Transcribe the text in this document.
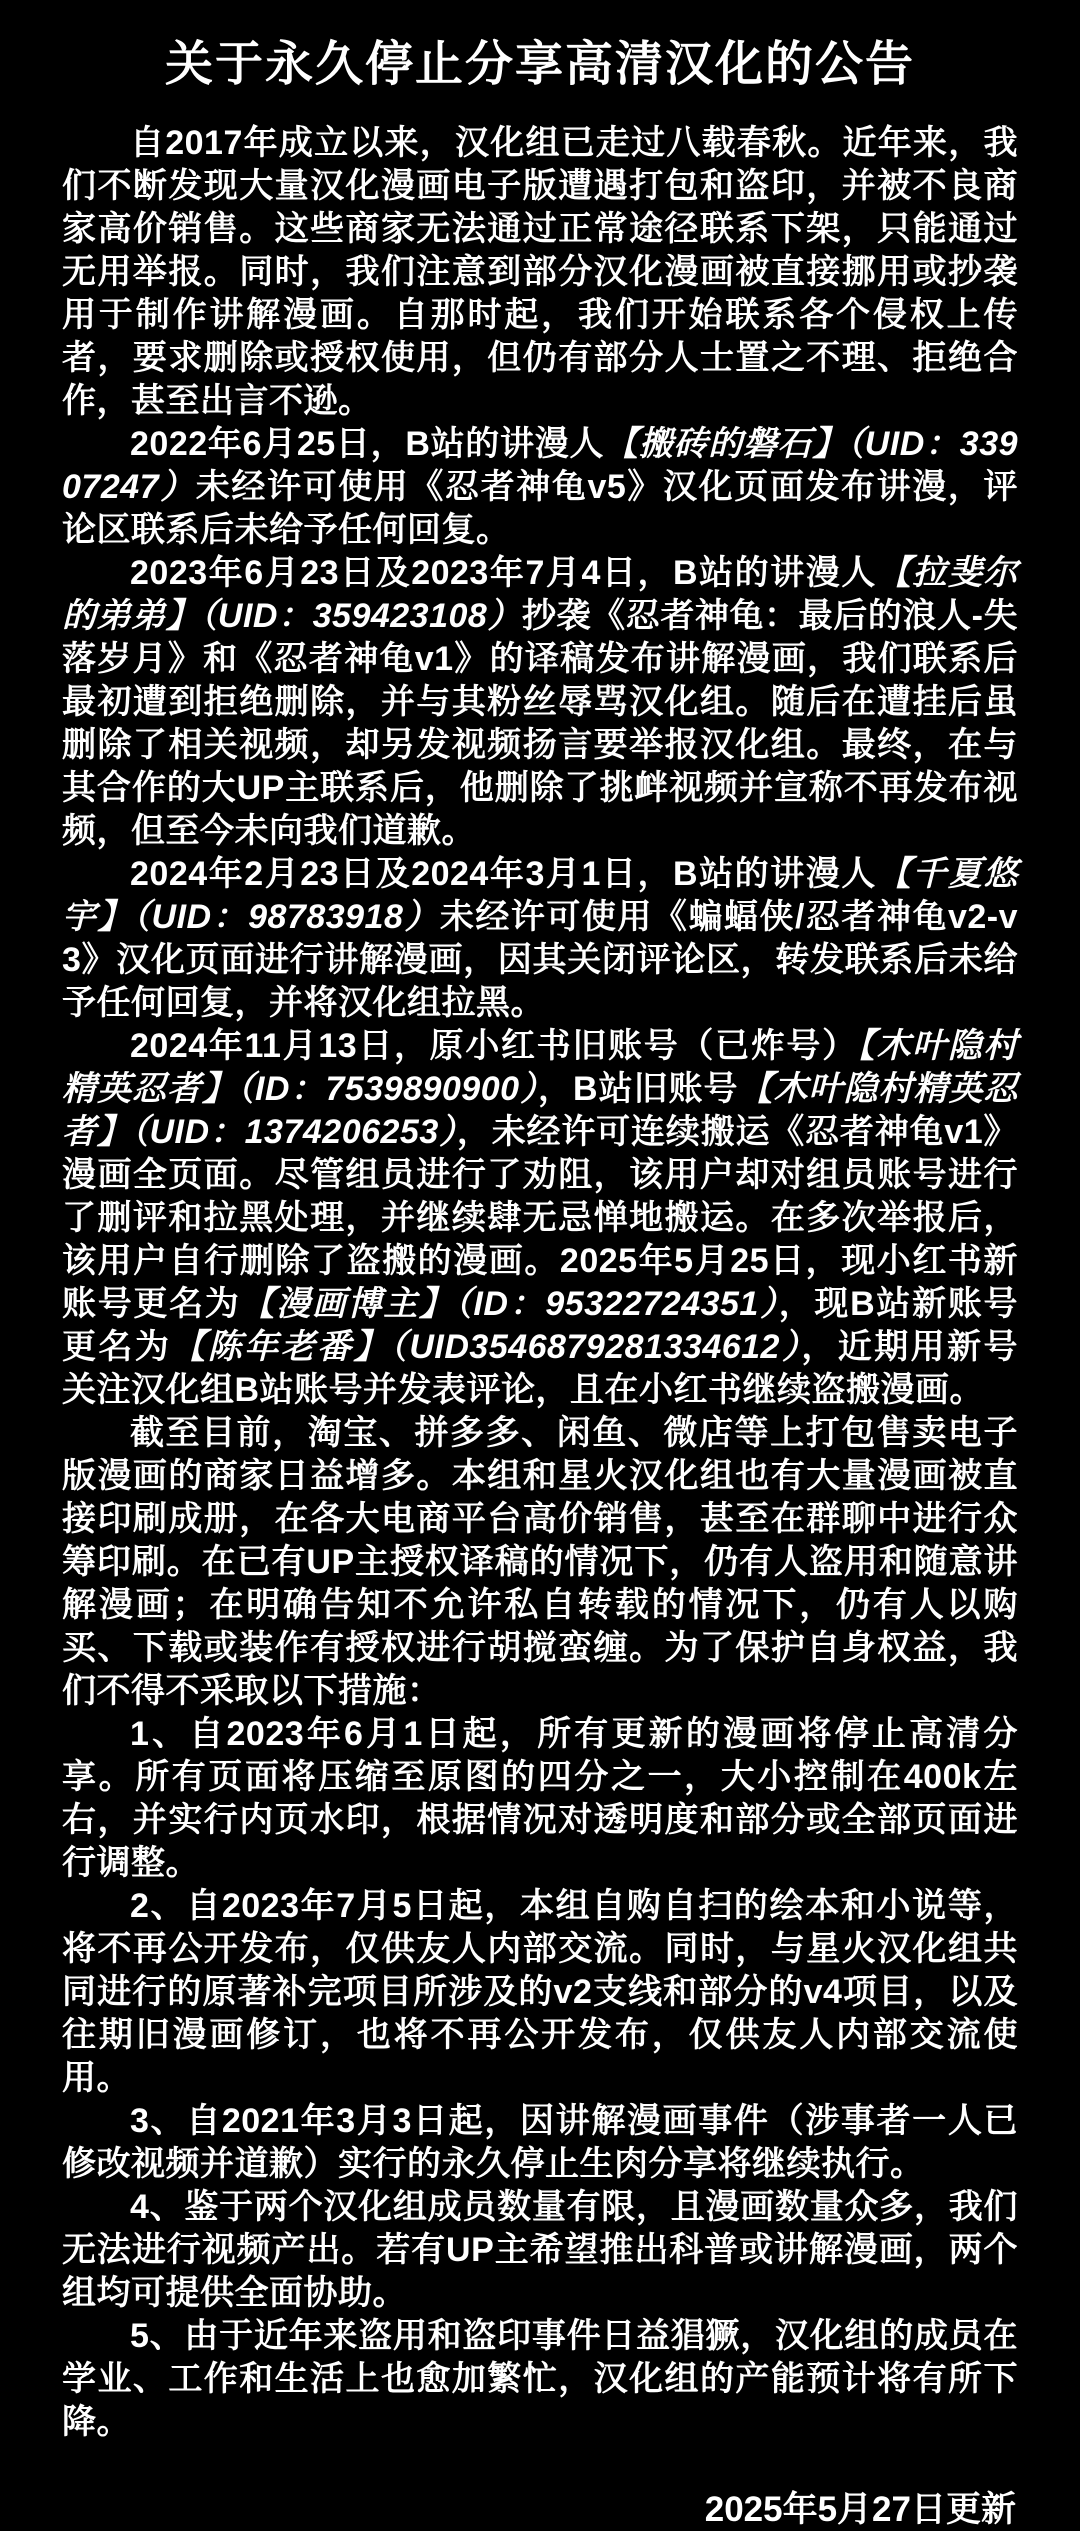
关于永久停止分享高清汉化的公告

自2017年成立以来，汉化组已走过八载春秋。近年来，我们不断发现大量汉化漫画电子版遭遇打包和盗印，并被不良商家高价销售。这些商家无法通过正常途径联系下架，只能通过无用举报。同时，我们注意到部分汉化漫画被直接挪用或抄袭用于制作讲解漫画。自那时起，我们开始联系各个侵权上传者，要求删除或授权使用，但仍有部分人士置之不理、拒绝合作，甚至出言不逊。

2022年6月25日，B站的讲漫人【搬砖的磐石】（UID：33907247）未经许可使用《忍者神龟v5》汉化页面发布讲漫，评论区联系后未给予任何回复。

2023年6月23日及2023年7月4日，B站的讲漫人【拉斐尔的弟弟】（UID：359423108）抄袭《忍者神龟：最后的浪人-失落岁月》和《忍者神龟v1》的译稿发布讲解漫画，我们联系后最初遭到拒绝删除，并与其粉丝辱骂汉化组。随后在遭挂后虽删除了相关视频，却另发视频扬言要举报汉化组。最终，在与其合作的大UP主联系后，他删除了挑衅视频并宣称不再发布视频，但至今未向我们道歉。

2024年2月23日及2024年3月1日，B站的讲漫人【千夏悠宇】（UID：98783918）未经许可使用《蝙蝠侠/忍者神龟v2-v3》汉化页面进行讲解漫画，因其关闭评论区，转发联系后未给予任何回复，并将汉化组拉黑。

2024年11月13日，原小红书旧账号（已炸号）【木叶隐村精英忍者】（ID：7539890900），B站旧账号【木叶隐村精英忍者】（UID：1374206253），未经许可连续搬运《忍者神龟v1》漫画全页面。尽管组员进行了劝阻，该用户却对组员账号进行了删评和拉黑处理，并继续肆无忌惮地搬运。在多次举报后，该用户自行删除了盗搬的漫画。2025年5月25日，现小红书新账号更名为【漫画博主】（ID：95322724351），现B站新账号更名为【陈年老番】（UID3546879281334612），近期用新号关注汉化组B站账号并发表评论，且在小红书继续盗搬漫画。

截至目前，淘宝、拼多多、闲鱼、微店等上打包售卖电子版漫画的商家日益增多。本组和星火汉化组也有大量漫画被直接印刷成册，在各大电商平台高价销售，甚至在群聊中进行众筹印刷。在已有UP主授权译稿的情况下，仍有人盗用和随意讲解漫画；在明确告知不允许私自转载的情况下，仍有人以购买、下载或装作有授权进行胡搅蛮缠。为了保护自身权益，我们不得不采取以下措施：

1、自2023年6月1日起，所有更新的漫画将停止高清分享。所有页面将压缩至原图的四分之一，大小控制在400k左右，并实行内页水印，根据情况对透明度和部分或全部页面进行调整。

2、自2023年7月5日起，本组自购自扫的绘本和小说等，将不再公开发布，仅供友人内部交流。同时，与星火汉化组共同进行的原著补完项目所涉及的v2支线和部分的v4项目，以及往期旧漫画修订，也将不再公开发布，仅供友人内部交流使用。

3、自2021年3月3日起，因讲解漫画事件（涉事者一人已修改视频并道歉）实行的永久停止生肉分享将继续执行。

4、鉴于两个汉化组成员数量有限，且漫画数量众多，我们无法进行视频产出。若有UP主希望推出科普或讲解漫画，两个组均可提供全面协助。

5、由于近年来盗用和盗印事件日益猖獗，汉化组的成员在学业、工作和生活上也愈加繁忙，汉化组的产能预计将有所下降。

2025年5月27日更新
